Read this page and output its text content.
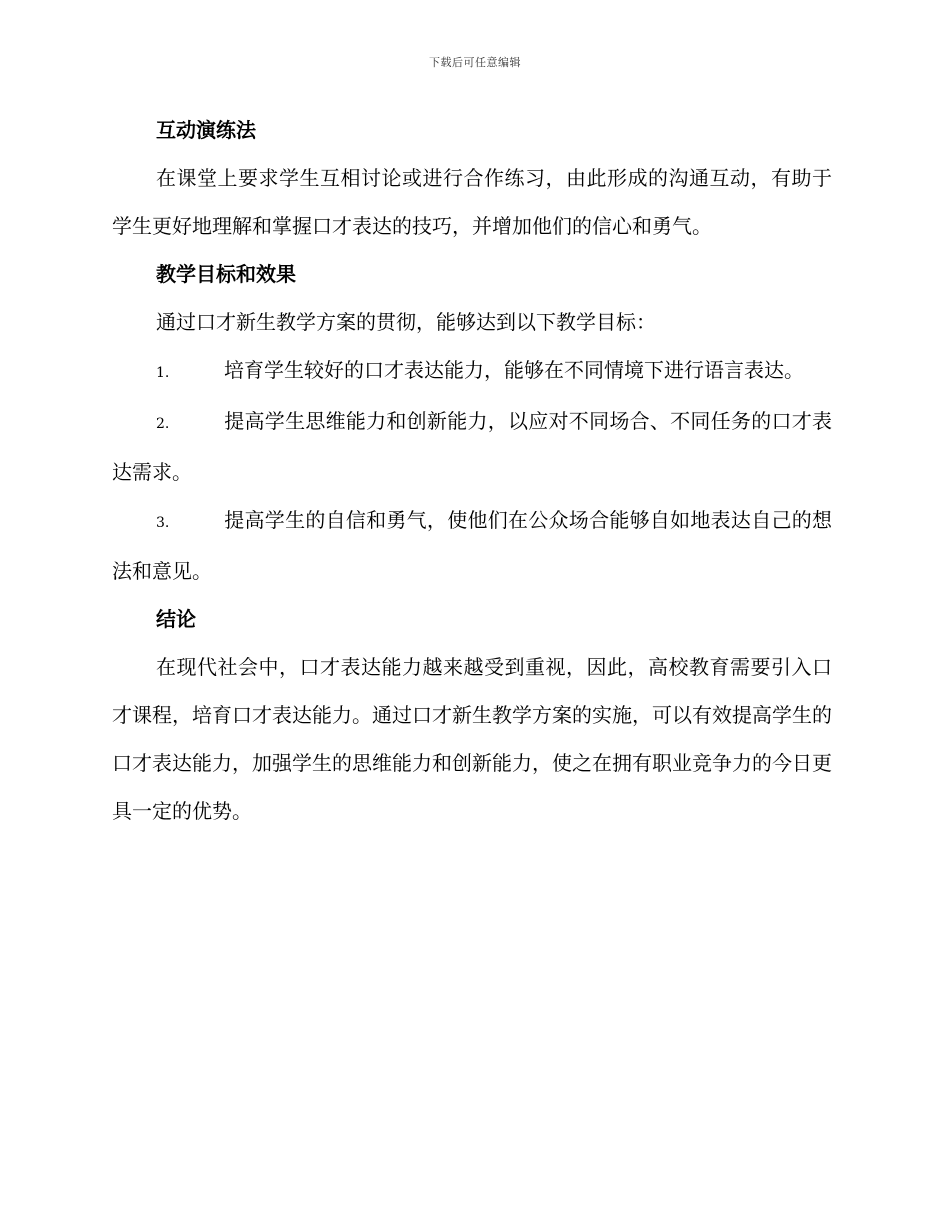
下载后可任意编辑
互动演练法

在课堂上要求学生互相讨论或进行合作练习，由此形成的沟通互动，有助于学生更好地理解和掌握口才表达的技巧，并增加他们的信心和勇气。

教学目标和效果

通过口才新生教学方案的贯彻，能够达到以下教学目标：

1.	培育学生较好的口才表达能力，能够在不同情境下进行语言表达。

2.	提高学生思维能力和创新能力，以应对不同场合、不同任务的口才表达需求。

3.	提高学生的自信和勇气，使他们在公众场合能够自如地表达自己的想法和意见。

结论

在现代社会中，口才表达能力越来越受到重视，因此，高校教育需要引入口才课程，培育口才表达能力。通过口才新生教学方案的实施，可以有效提高学生的口才表达能力，加强学生的思维能力和创新能力，使之在拥有职业竞争力的今日更具一定的优势。
